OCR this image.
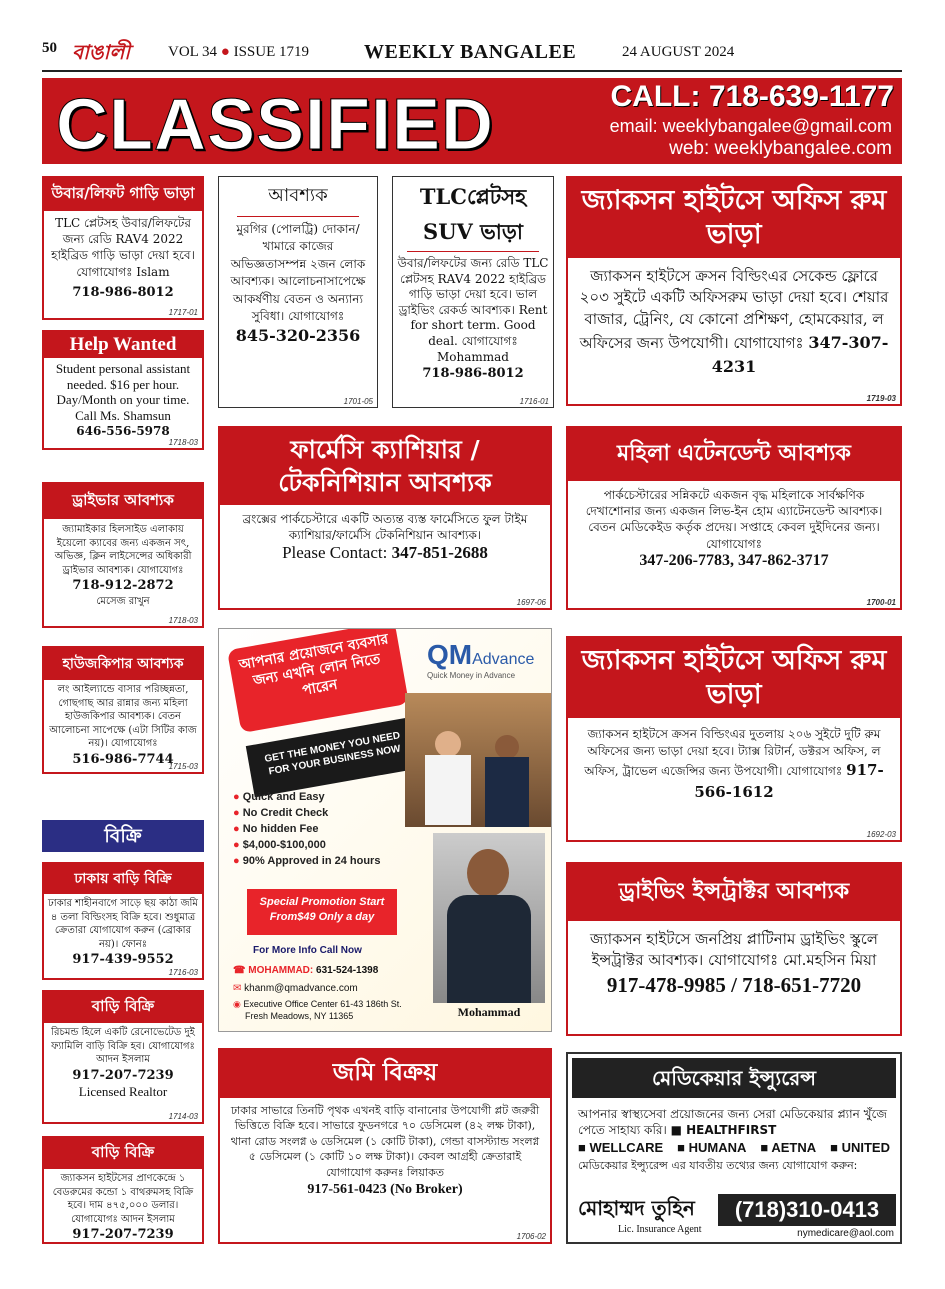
50 বাঙালী	VOL 34 ● ISSUE 1719	WEEKLY BANGALEE	24 AUGUST 2024
CLASSIFIED	CALL: 718-639-1177
email: weeklybangalee@gmail.com
web: weeklybangalee.com
উবার/লিফট গাড়ি ভাড়া
TLC প্লেটসহ উবার/লিফটের জন্য রেডি RAV4 2022 হাইব্রিড গাড়ি ভাড়া দেয়া হবে। যোগাযোগঃ Islam
718-986-8012
1717-01
Help Wanted
Student personal assistant needed. $16 per hour. Day/Month on your time. Call Ms. Shamsun
646-556-5978
1718-03
ড্রাইভার আবশ্যক
জ্যামাইকার হিলসাইড এলাকায় ইয়েলো ক্যাবের জন্য একজন সৎ, অভিজ্ঞ, ক্লিন লাইসেন্সের অধিকারী ড্রাইভার আবশ্যক। যোগাযোগঃ
718-912-2872
মেসেজ রাখুন
1718-03
হাউজকিপার আবশ্যক
লং আইল্যান্ডে বাসার পরিচ্ছন্নতা, গোছগাছ আর রান্নার জন্য মহিলা হাউজকিপার আবশ্যক। বেতন আলোচনা সাপেক্ষে (এটা সিটির কাজ নয়)। যোগাযোগঃ
516-986-7744
1715-03
বিক্রি
ঢাকায় বাড়ি বিক্রি
ঢাকার শাহীনবাগে সাড়ে ছয় কাঠা জমি ৪ তলা বিল্ডিংসহ বিক্রি হবে। শুধুমাত্র ক্রেতারা যোগাযোগ করুন (ব্রোকার নয়)। ফোনঃ
917-439-9552
1716-03
বাড়ি বিক্রি
রিচমন্ড হিলে একটি রেনোভেটেড দুই ফ্যামিলি বাড়ি বিক্রি হব। যোগাযোগঃ
আদন ইসলাম
917-207-7239
Licensed Realtor
1714-03
বাড়ি বিক্রি
জ্যাকসন হাইটসের প্রাণকেন্দ্রে ১ বেডরুমের কন্ডো ১ বাথরুমসহ বিক্রি হবে। দাম ৪৭৫,০০০ ডলার। যোগাযোগঃ আদন ইসলাম
917-207-7239
আবশ্যক
মুরগির (পোলট্রি) দোকান/খামারে কাজের অভিজ্ঞতাসম্পন্ন ২জন লোক আবশ্যক। আলোচনাসাপেক্ষে আকর্ষণীয় বেতন ও অন্যান্য সুবিধা। যোগাযোগঃ
845-320-2356
1701-05
TLCপ্লেটসহ
SUV ভাড়া
উবার/লিফটের জন্য রেডি TLC প্লেটসহ RAV4 2022 হাইব্রিড গাড়ি ভাড়া দেয়া হবে। ভাল ড্রাইভিং রেকর্ড আবশ্যক। Rent for short term. Good deal. যোগাযোগঃ Mohammad
718-986-8012
1716-01
ফার্মেসি ক্যাশিয়ার / টেকনিশিয়ান আবশ্যক
ব্রংক্সের পার্কচেস্টারে একটি অত্যন্ত ব্যস্ত ফার্মেসিতে ফুল টাইম ক্যাশিয়ার/ফার্মেসি টেকনিশিয়ান আবশ্যক।
Please Contact: 347-851-2688
1697-06
আপনার প্রয়োজনে ব্যবসার জন্য এখনি লোন নিতে পারেন
QMAdvance
Quick Money in Advance
GET THE MONEY YOU NEED FOR YOUR BUSINESS NOW
● Quick and Easy
● No Credit Check
● No hidden Fee
● $4,000-$100,000
● 90% Approved in 24 hours
Special Promotion Start
From$49 Only a day
Mohammad
For More Info Call Now
☎ MOHAMMAD: 631-524-1398
✉ khanm@qmadvance.com
◉ Executive Office Center 61-43 186th St.
Fresh Meadows, NY 11365
জমি বিক্রয়
ঢাকার সাভারে তিনটি পৃথক এখনই বাড়ি বানানোর উপযোগী প্লট জরুরী ভিত্তিতে বিক্রি হবে। সাভারে ফুডনগরে ৭০ ডেসিমেল (৪২ লক্ষ টাকা), থানা রোড সংলগ্ন ৬ ডেসিমেল (১ কোটি টাকা), গেন্ডা বাসস্ট্যান্ড সংলগ্ন ৫ ডেসিমেল (১ কোটি ১০ লক্ষ টাকা)। কেবল আগ্রহী ক্রেতারাই যোগাযোগ করুনঃ লিয়াকত
917-561-0423 (No Broker)
1706-02
জ্যাকসন হাইটসে অফিস রুম ভাড়া
জ্যাকসন হাইটসে ক্রসন বিল্ডিংএর সেকেন্ড ফ্লোরে ২০৩ সুইটে একটি অফিসরুম ভাড়া দেয়া হবে। শেয়ার বাজার, ট্রেনিং, যে কোনো প্রশিক্ষণ, হোমকেয়ার, ল অফিসের জন্য উপযোগী। যোগাযোগঃ 347-307-4231
1719-03
মহিলা এটেনডেন্ট আবশ্যক
পার্কচেস্টারের সন্নিকটে একজন বৃদ্ধ মহিলাকে সার্বক্ষণিক দেখাশোনার জন্য একজন লিভ-ইন হোম এ্যাটেনডেন্ট আবশ্যক। বেতন মেডিকেইড কর্তৃক প্রদেয়। সপ্তাহে কেবল দুইদিনের জন্য। যোগাযোগঃ
347-206-7783, 347-862-3717
1700-01
জ্যাকসন হাইটসে অফিস রুম ভাড়া
জ্যাকসন হাইটসে ক্রসন বিল্ডিংএর দুতলায় ২০৬ সুইটে দুটি রুম অফিসের জন্য ভাড়া দেয়া হবে। ট্যাক্স রিটার্ন, ডক্টরস অফিস, ল অফিস, ট্রাভেল এজেন্সির জন্য উপযোগী। যোগাযোগঃ 917-566-1612
1692-03
ড্রাইভিং ইন্সট্রাক্টর আবশ্যক
জ্যাকসন হাইটসে জনপ্রিয় প্লাটিনাম ড্রাইভিং স্কুলে ইন্সট্রাক্টর আবশ্যক। যোগাযোগঃ মো.মহসিন মিয়া
917-478-9985 / 718-651-7720
মেডিকেয়ার ইন্স্যুরেন্স
আপনার স্বাস্থ্যসেবা প্রয়োজনের জন্য সেরা মেডিকেয়ার প্ল্যান খুঁজে পেতে সাহায্য করি। ■ HEALTHFIRST
■ WELLCARE ■ HUMANA ■ AETNA ■ UNITED
মেডিকেয়ার ইন্স্যুরেন্স এর যাবতীয় তথ্যের জন্য যোগাযোগ করুন:
মোহাম্মদ তুহিন
Lic. Insurance Agent
(718)310-0413
nymedicare@aol.com
